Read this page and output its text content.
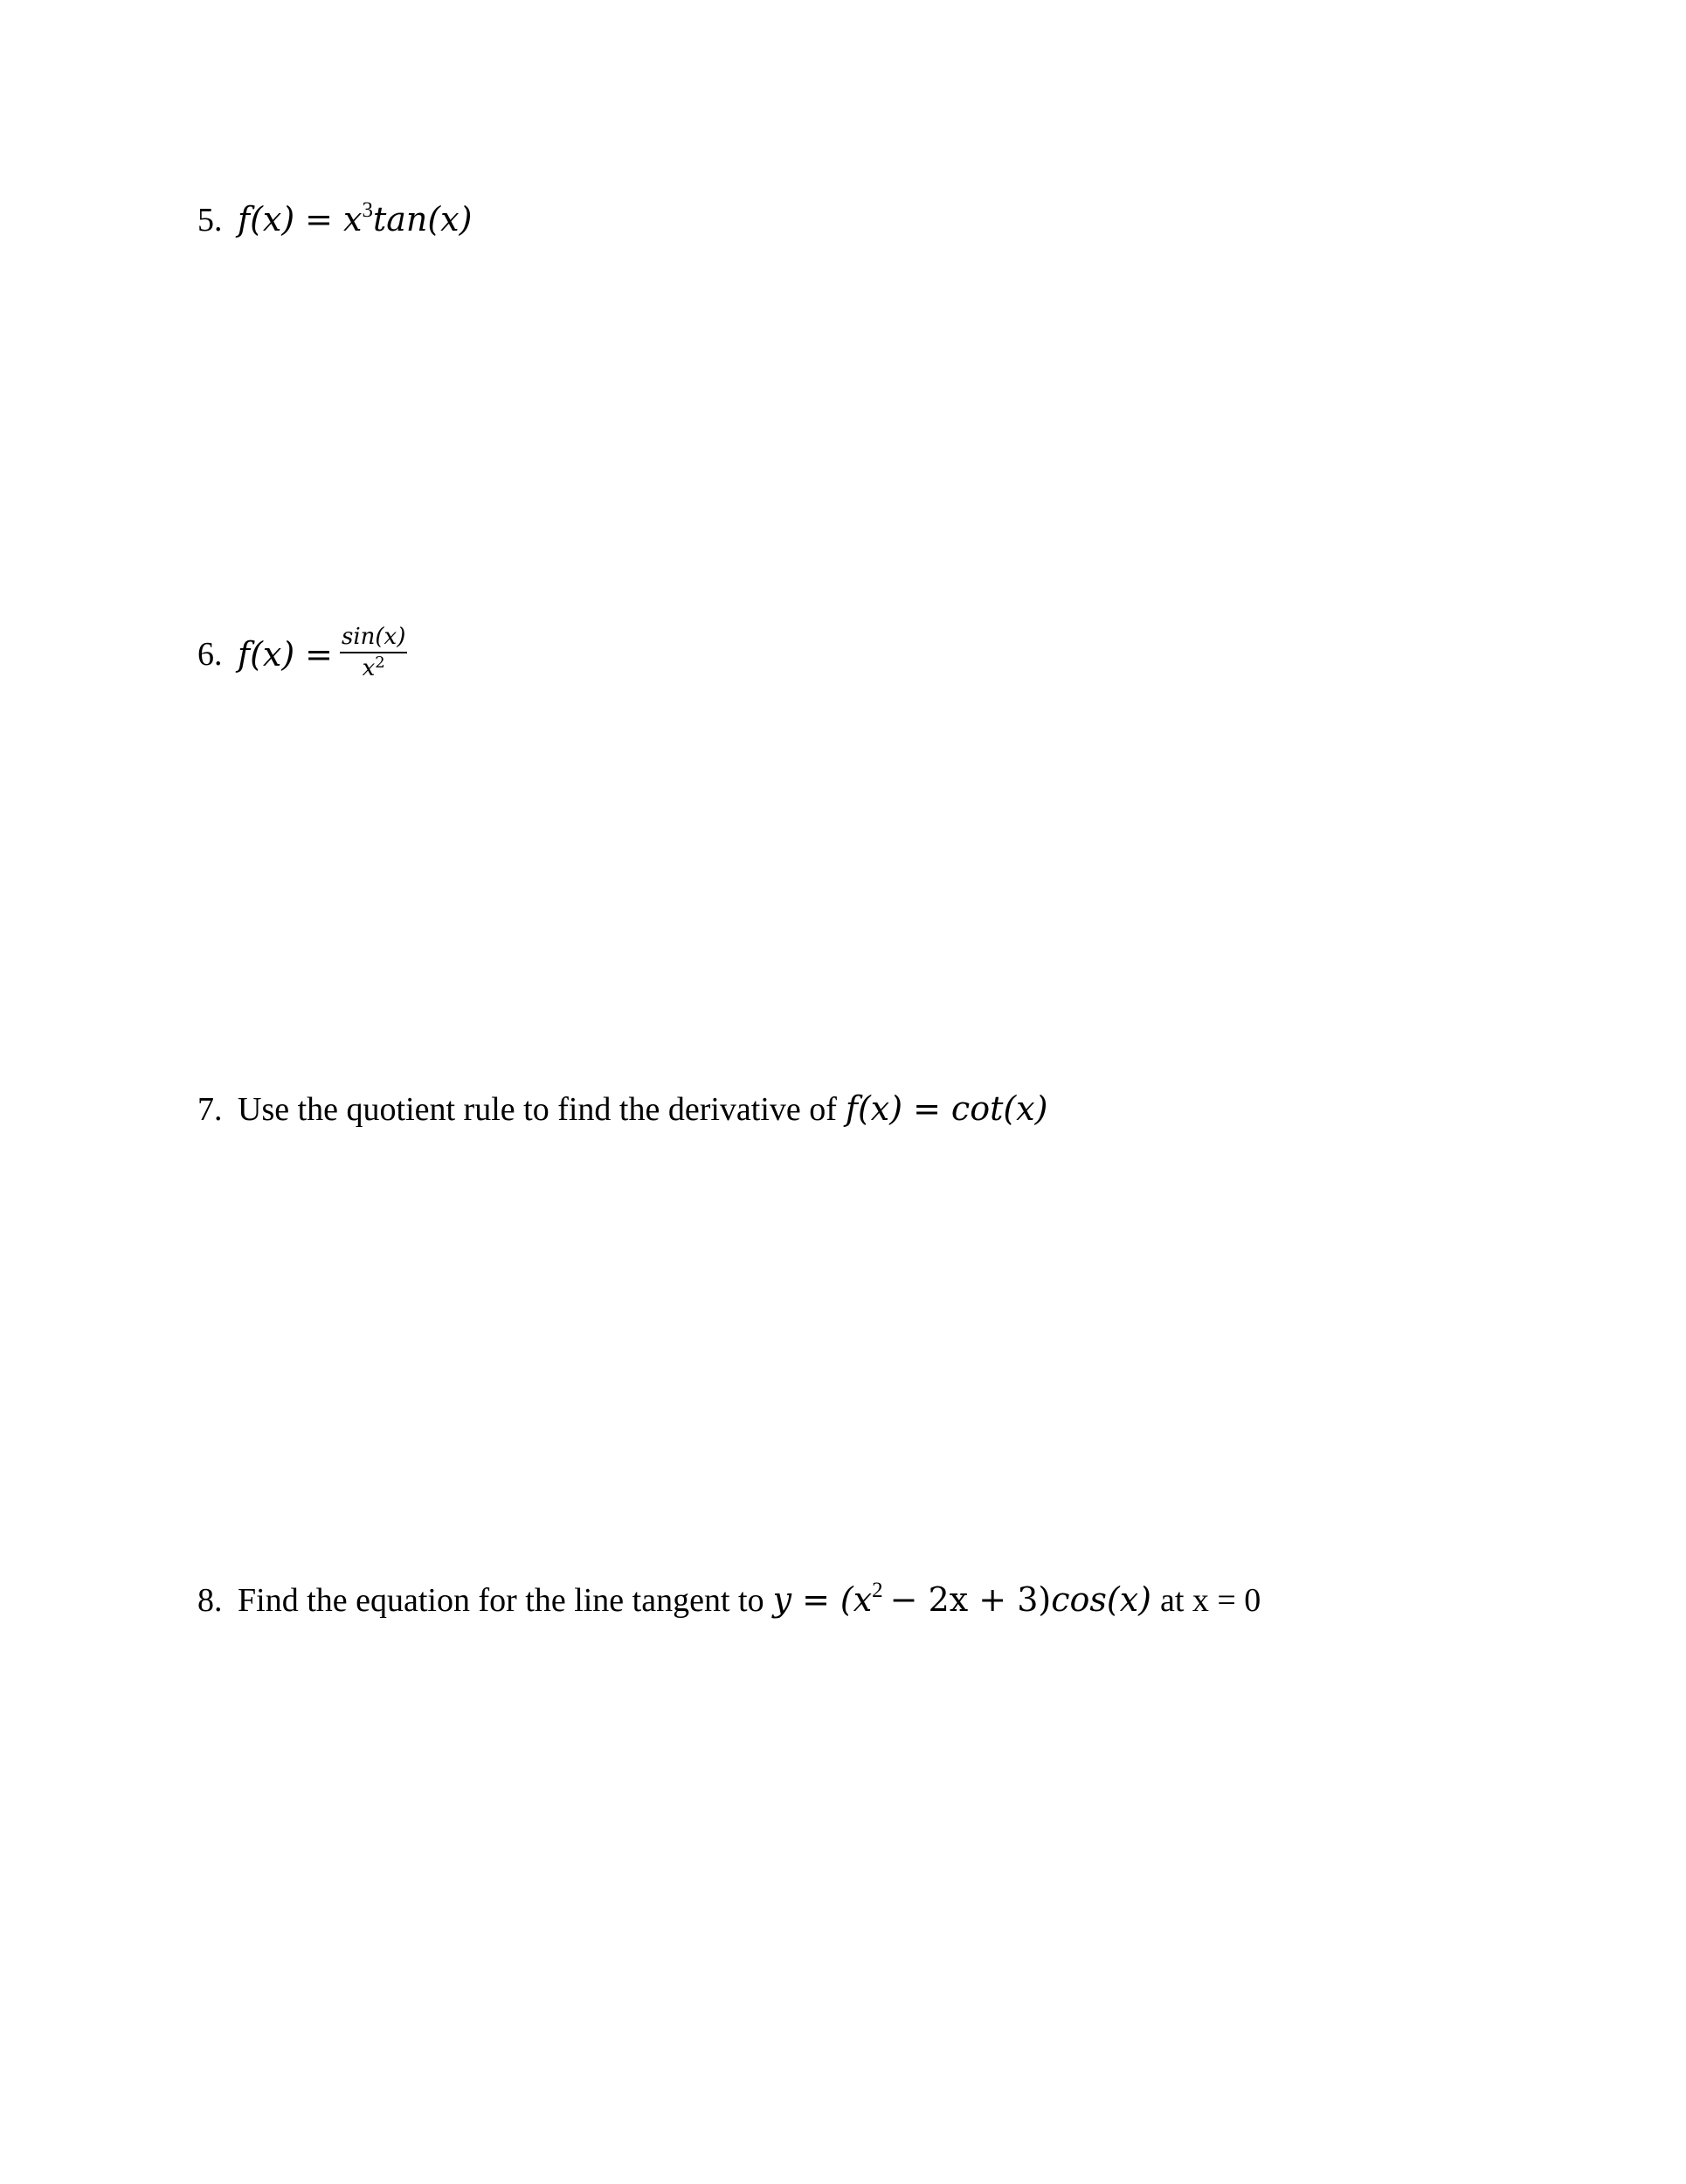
5. f(x) = x 3 tan(x)
6. $f(x) = \frac{\sin(x)}{x^2}$
7. Use the quotient rule to find the derivative of f(x) = cot(x)
8. Find the equation for the line tangent to y = (x 2 − 2x + 3) cos(x) at x = 0
